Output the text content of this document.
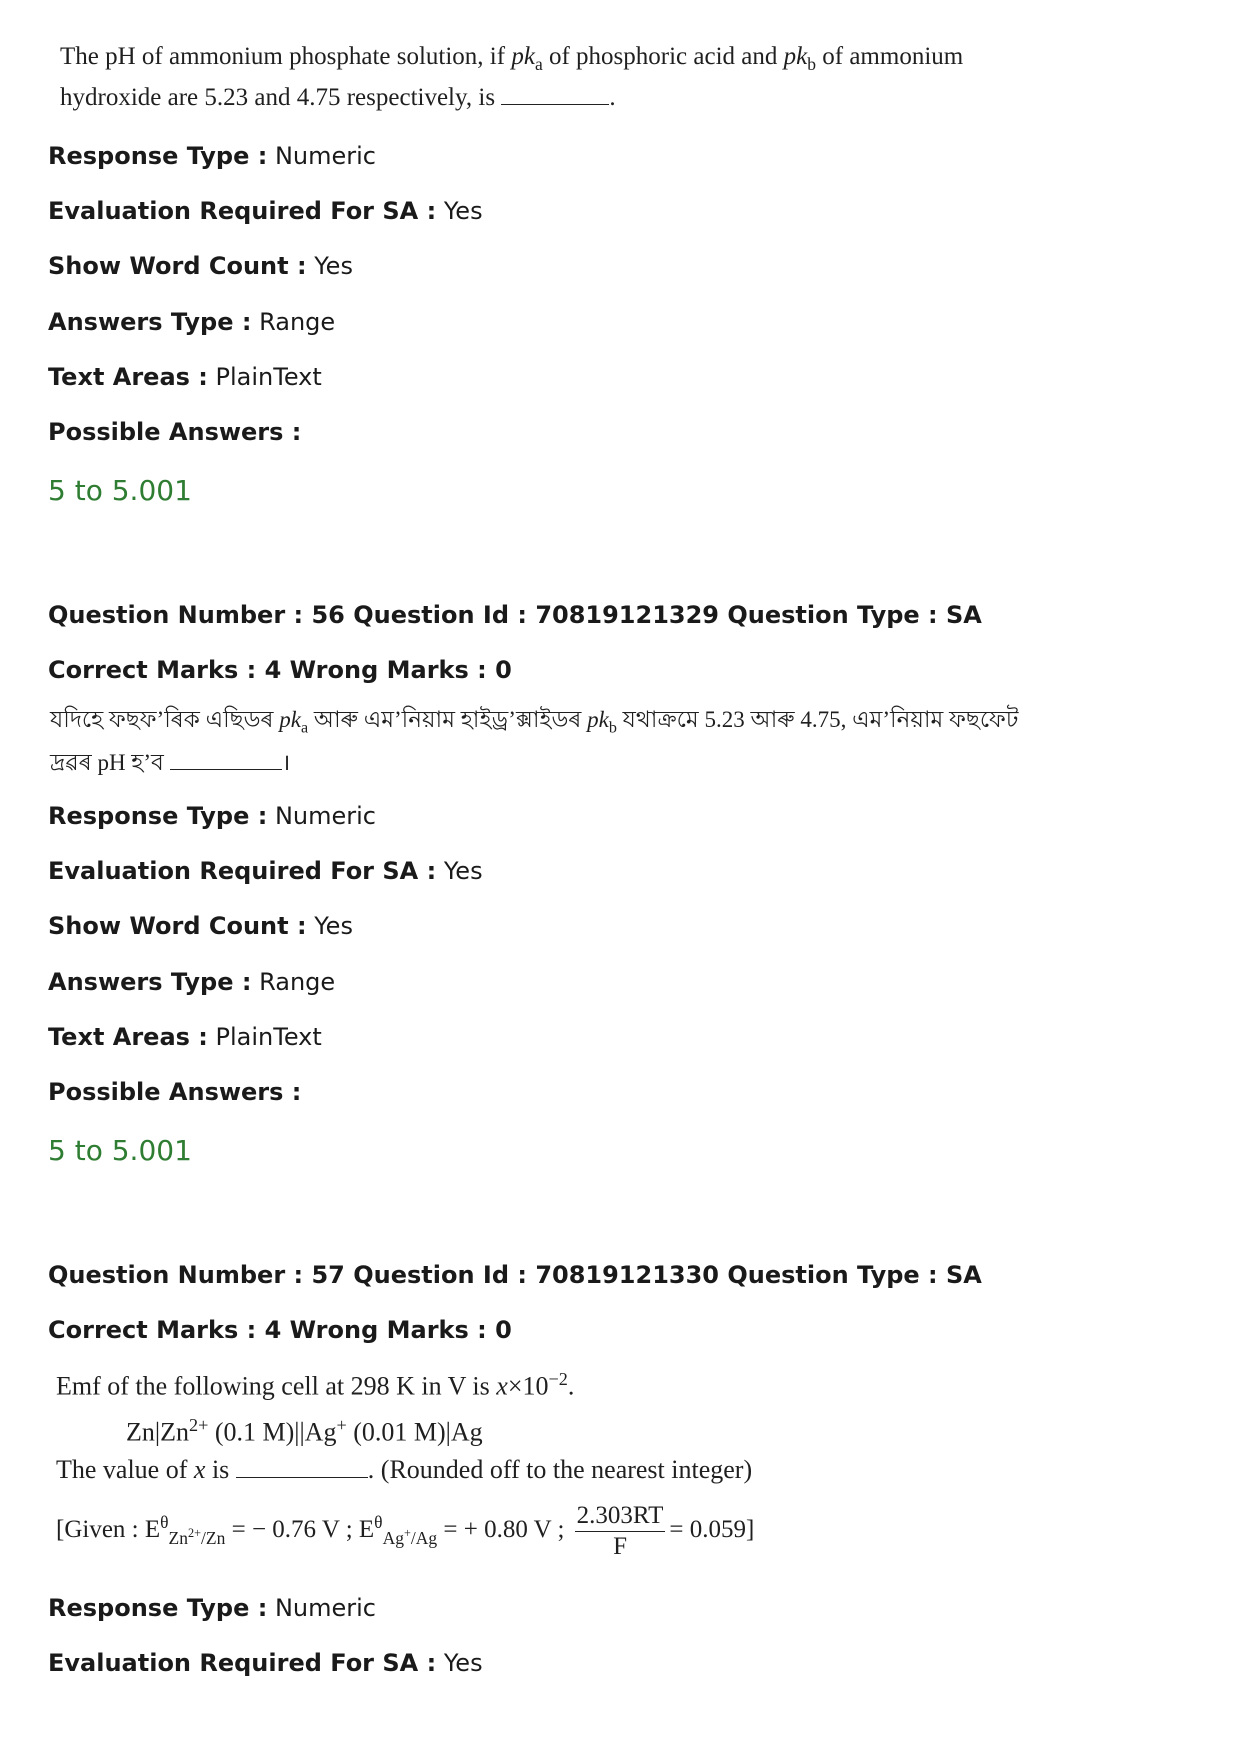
The pH of ammonium phosphate solution, if $pk_a$ of phosphoric acid and $pk_b$ of ammonium
hydroxide are 5.23 and 4.75 respectively, is	.
Response Type : Numeric
Evaluation Required For SA : Yes
Show Word Count : Yes
Answers Type : Range
Text Areas : PlainText
Possible Answers :
5 to 5.001
Question Number : 56 Question Id : 70819121329 Question Type : SA
Correct Marks : 4 Wrong Marks : 0
যদিহে ফছফ’ৰিক এছিডৰ $pk_a$ আৰু এম’নিয়াম হাইড্ৰ’ক্সাইডৰ $pk_b$ যথাক্ৰমে 5.23 আৰু 4.75, এম’নিয়াম ফছফেট
দ্ৰৱৰ pH হ’ব	।
Response Type : Numeric
Evaluation Required For SA : Yes
Show Word Count : Yes
Answers Type : Range
Text Areas : PlainText
Possible Answers :
5 to 5.001
Question Number : 57 Question Id : 70819121330 Question Type : SA
Correct Marks : 4 Wrong Marks : 0
Emf of the following cell at 298 K in V is $x\times 10^{-2}$.
$Zn|Zn^{2+}$ (0.1 M)||Ag+ (0.01 M)|Ag
The value of x is	. (Rounded off to the nearest integer)
[Given : $E^\theta_{Zn^{2+}/Zn}$ = − 0.76 V ; $E^\theta_{Ag^+/Ag}$ = + 0.80 V ; $\frac{2.303RT}{F} = 0.059$]
Response Type : Numeric
Evaluation Required For SA : Yes
